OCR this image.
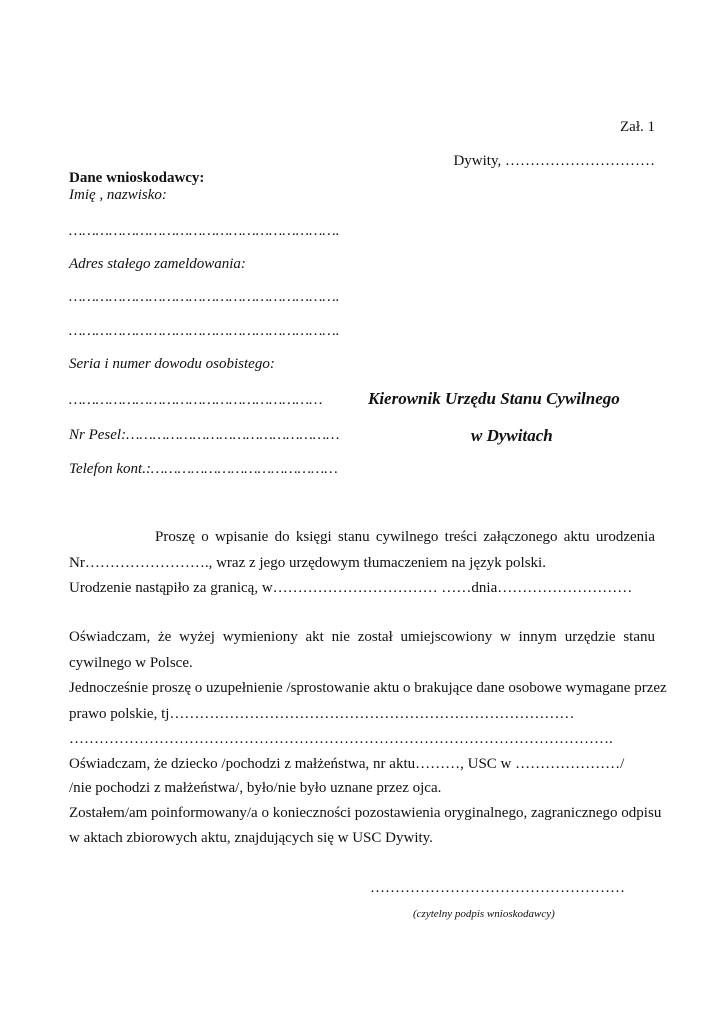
Zał. 1
Dywity, …………………………
Dane wnioskodawcy:
Imię , nazwisko:
…………………………………………………….
Adres stałego zameldowania:
…………………………………………………….
…………………………………………………….
Seria i numer dowodu osobistego:
…………………………………………………
Nr Pesel:…………………………………………
Telefon kont.:……………………………………
Kierownik Urzędu Stanu Cywilnego
w Dywitach
Proszę o wpisanie do księgi stanu cywilnego treści załączonego aktu urodzenia
Nr……………………., wraz z jego urzędowym tłumaczeniem na język polski.
Urodzenie nastąpiło za granicą, w…………………………… ……dnia………………………
Oświadczam, że wyżej wymieniony akt nie został umiejscowiony w innym urzędzie stanu
cywilnego w Polsce.
Jednocześnie proszę o uzupełnienie /sprostowanie aktu o brakujące dane osobowe wymagane przez
prawo polskie, tj………………………………………………………………………
……………………………………………………………………………………………….
Oświadczam, że dziecko /pochodzi z małżeństwa, nr aktu………, USC w …………………/
/nie pochodzi z małżeństwa/, było/nie było uznane przez ojca.
Zostałem/am poinformowany/a o konieczności pozostawienia oryginalnego, zagranicznego odpisu
w aktach zbiorowych aktu, znajdujących się w USC Dywity.
……………………………………………
(czytelny podpis wnioskodawcy)
